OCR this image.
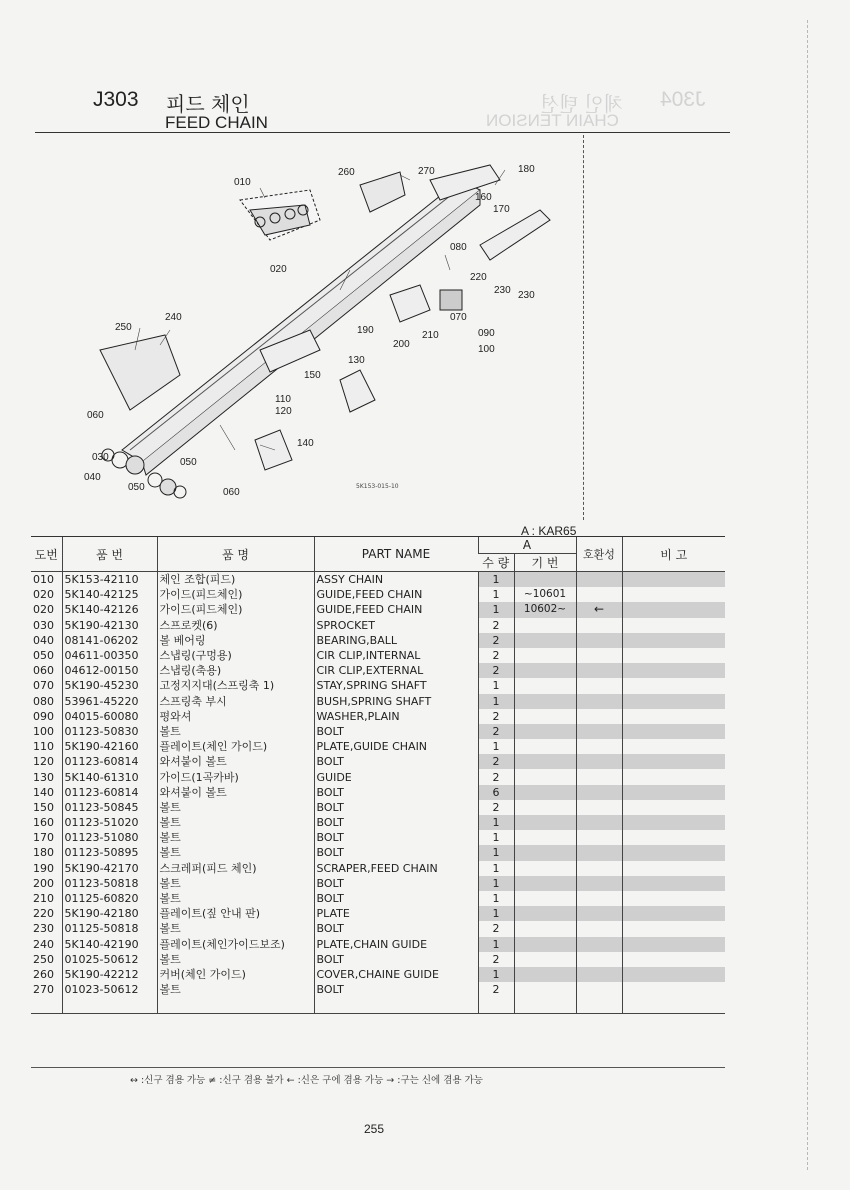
J304
체인 텐션
CHAIN TENSION
J303 피드 체인
FEED CHAIN
010
020
030
040
050
060
070
080
090
100
110
120
130
140
150
160
170
180
190
200
210
220
230 230
240
250
260	270
050	060
5K153-015-10
A : KAR65
도번	품 번	품 명	PART NAME	A		호환성	비 고
				수 량	기 번		
010	5K153-42110	체인 조합(피드)	ASSY CHAIN	1			
020	5K140-42125	가이드(피드체인)	GUIDE,FEED CHAIN	1	~10601		
020	5K140-42126	가이드(피드체인)	GUIDE,FEED CHAIN	1	10602~	←	
030	5K190-42130	스프로켓(6)	SPROCKET	2			
040	08141-06202	볼 베어링	BEARING,BALL	2			
050	04611-00350	스냅링(구멍용)	CIR CLIP,INTERNAL	2			
060	04612-00150	스냅링(축용)	CIR CLIP,EXTERNAL	2			
070	5K190-45230	고정지지대(스프링축 1)	STAY,SPRING SHAFT	1			
080	53961-45220	스프링축 부시	BUSH,SPRING SHAFT	1			
090	04015-60080	평와셔	WASHER,PLAIN	2			
100	01123-50830	볼트	BOLT	2			
110	5K190-42160	플레이트(체인 가이드)	PLATE,GUIDE CHAIN	1			
120	01123-60814	와셔붙이 볼트	BOLT	2			
130	5K140-61310	가이드(1곡카바)	GUIDE	2			
140	01123-60814	와셔붙이 볼트	BOLT	6			
150	01123-50845	볼트	BOLT	2			
160	01123-51020	볼트	BOLT	1			
170	01123-51080	볼트	BOLT	1			
180	01123-50895	볼트	BOLT	1			
190	5K190-42170	스크레퍼(피드 체인)	SCRAPER,FEED CHAIN	1			
200	01123-50818	볼트	BOLT	1			
210	01125-60820	볼트	BOLT	1			
220	5K190-42180	플레이트(짚 안내 판)	PLATE	1			
230	01125-50818	볼트	BOLT	2			
240	5K140-42190	플레이트(체인가이드보조)	PLATE,CHAIN GUIDE	1			
250	01025-50612	볼트	BOLT	2			
260	5K190-42212	커버(체인 가이드)	COVER,CHAINE GUIDE	1			
270	01023-50612	볼트	BOLT	2			
↔ :신구 겸용 가능 ≠ :신구 겸용 불가 ← :신은 구에 겸용 가능 → :구는 신에 겸용 가능
255
